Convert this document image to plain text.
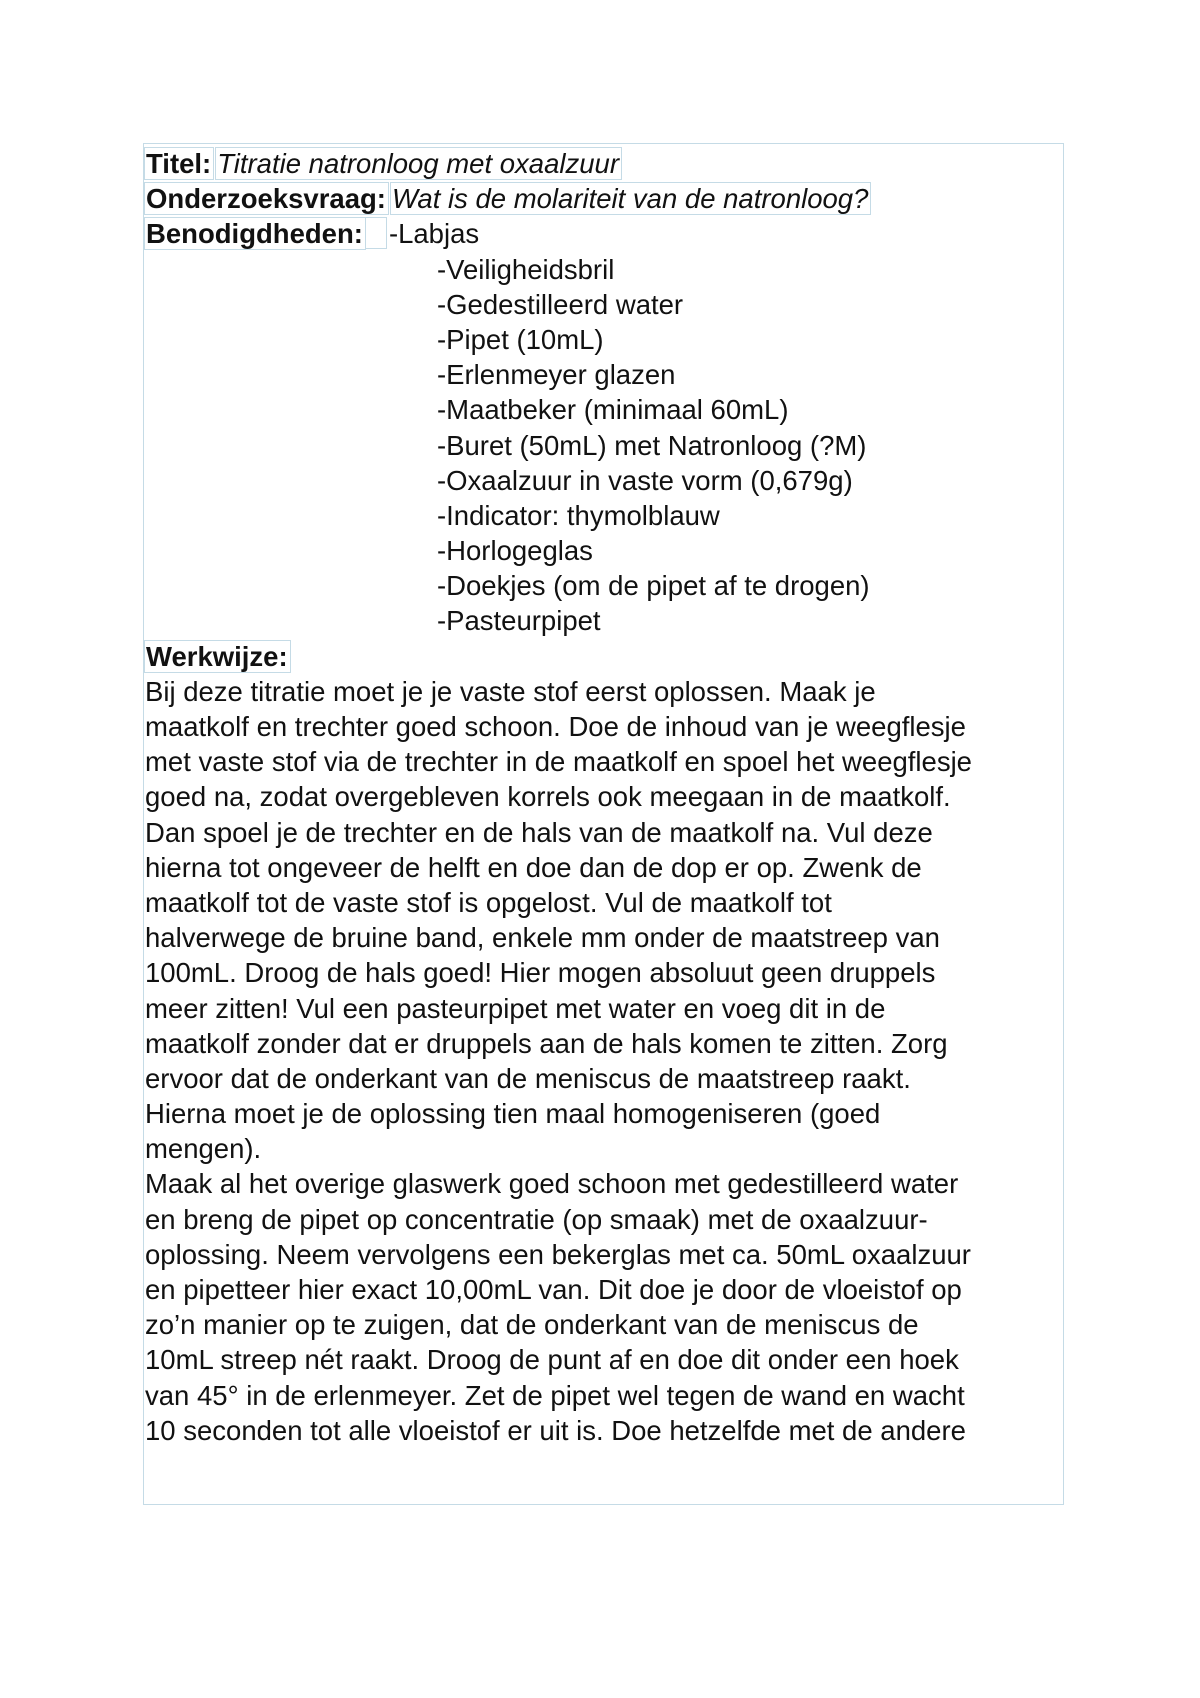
Titel: Titratie natronloog met oxaalzuur
Onderzoeksvraag: Wat is de molariteit van de natronloog?
Benodigdheden: -Labjas
-Veiligheidsbril
-Gedestilleerd water
-Pipet (10mL)
-Erlenmeyer glazen
-Maatbeker (minimaal 60mL)
-Buret (50mL) met Natronloog (?M)
-Oxaalzuur in vaste vorm (0,679g)
-Indicator: thymolblauw
-Horlogeglas
-Doekjes (om de pipet af te drogen)
-Pasteurpipet
Werkwijze:
Bij deze titratie moet je je vaste stof eerst oplossen. Maak je
maatkolf en trechter goed schoon. Doe de inhoud van je weegflesje
met vaste stof via de trechter in de maatkolf en spoel het weegflesje
goed na, zodat overgebleven korrels ook meegaan in de maatkolf.
Dan spoel je de trechter en de hals van de maatkolf na. Vul deze
hierna tot ongeveer de helft en doe dan de dop er op. Zwenk de
maatkolf tot de vaste stof is opgelost. Vul de maatkolf tot
halverwege de bruine band, enkele mm onder de maatstreep van
100mL. Droog de hals goed! Hier mogen absoluut geen druppels
meer zitten! Vul een pasteurpipet met water en voeg dit in de
maatkolf zonder dat er druppels aan de hals komen te zitten. Zorg
ervoor dat de onderkant van de meniscus de maatstreep raakt.
Hierna moet je de oplossing tien maal homogeniseren (goed
mengen).
Maak al het overige glaswerk goed schoon met gedestilleerd water
en breng de pipet op concentratie (op smaak) met de oxaalzuur-
oplossing. Neem vervolgens een bekerglas met ca. 50mL oxaalzuur
en pipetteer hier exact 10,00mL van. Dit doe je door de vloeistof op
zo’n manier op te zuigen, dat de onderkant van de meniscus de
10mL streep nét raakt. Droog de punt af en doe dit onder een hoek
van 45° in de erlenmeyer. Zet de pipet wel tegen de wand en wacht
10 seconden tot alle vloeistof er uit is. Doe hetzelfde met de andere
